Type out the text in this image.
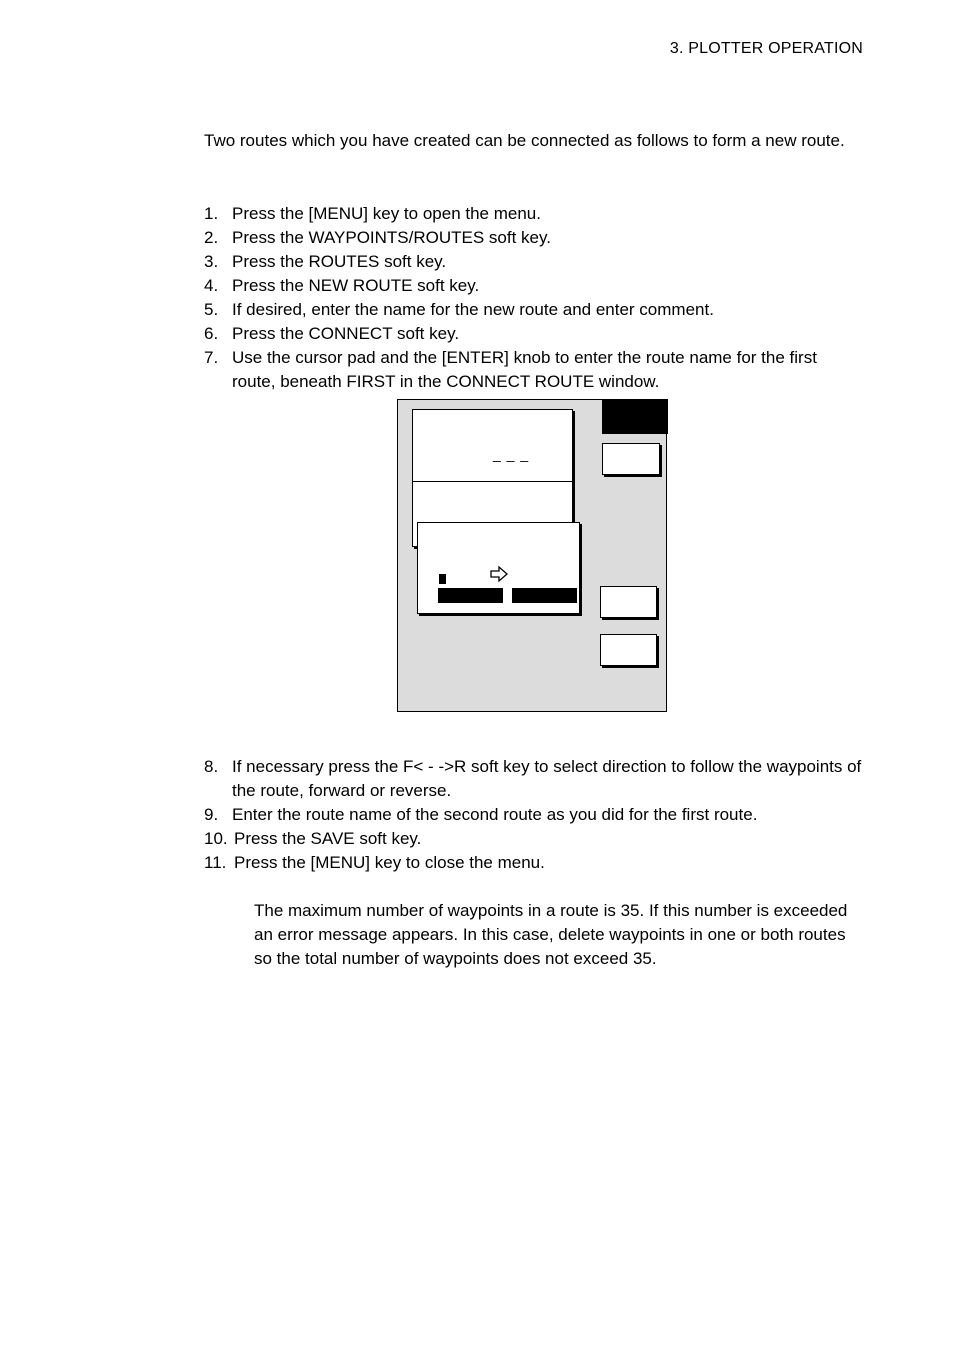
3. PLOTTER OPERATION
Two routes which you have created can be connected as follows to form a new route.
1. Press the [MENU] key to open the menu.
2. Press the WAYPOINTS/ROUTES soft key.
3. Press the ROUTES soft key.
4. Press the NEW ROUTE soft key.
5. If desired, enter the name for the new route and enter comment.
6. Press the CONNECT soft key.
7. Use the cursor pad and the [ENTER] knob to enter the route name for the first route, beneath FIRST in the CONNECT ROUTE window.
_ _ _
8. If necessary press the F< - ->R soft key to select direction to follow the waypoints of the route, forward or reverse.
9. Enter the route name of the second route as you did for the first route.
10. Press the SAVE soft key.
11. Press the [MENU] key to close the menu.
The maximum number of waypoints in a route is 35. If this number is exceeded an error message appears. In this case, delete waypoints in one or both routes so the total number of waypoints does not exceed 35.
